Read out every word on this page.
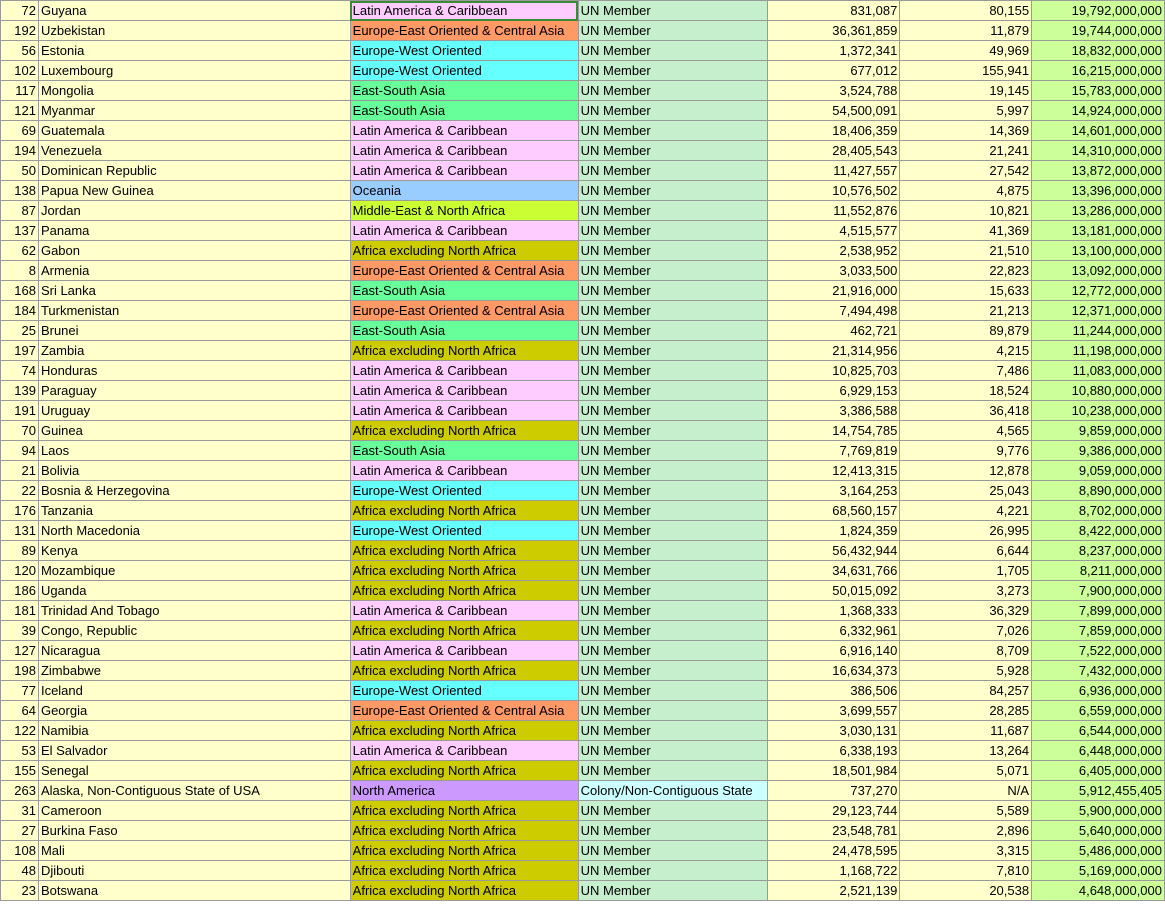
72	Guyana	Latin America & Caribbean	UN Member	831,087	80,155	19,792,000,000
192	Uzbekistan	Europe-East Oriented & Central Asia	UN Member	36,361,859	11,879	19,744,000,000
56	Estonia	Europe-West Oriented	UN Member	1,372,341	49,969	18,832,000,000
102	Luxembourg	Europe-West Oriented	UN Member	677,012	155,941	16,215,000,000
117	Mongolia	East-South Asia	UN Member	3,524,788	19,145	15,783,000,000
121	Myanmar	East-South Asia	UN Member	54,500,091	5,997	14,924,000,000
69	Guatemala	Latin America & Caribbean	UN Member	18,406,359	14,369	14,601,000,000
194	Venezuela	Latin America & Caribbean	UN Member	28,405,543	21,241	14,310,000,000
50	Dominican Republic	Latin America & Caribbean	UN Member	11,427,557	27,542	13,872,000,000
138	Papua New Guinea	Oceania	UN Member	10,576,502	4,875	13,396,000,000
87	Jordan	Middle-East & North Africa	UN Member	11,552,876	10,821	13,286,000,000
137	Panama	Latin America & Caribbean	UN Member	4,515,577	41,369	13,181,000,000
62	Gabon	Africa excluding North Africa	UN Member	2,538,952	21,510	13,100,000,000
8	Armenia	Europe-East Oriented & Central Asia	UN Member	3,033,500	22,823	13,092,000,000
168	Sri Lanka	East-South Asia	UN Member	21,916,000	15,633	12,772,000,000
184	Turkmenistan	Europe-East Oriented & Central Asia	UN Member	7,494,498	21,213	12,371,000,000
25	Brunei	East-South Asia	UN Member	462,721	89,879	11,244,000,000
197	Zambia	Africa excluding North Africa	UN Member	21,314,956	4,215	11,198,000,000
74	Honduras	Latin America & Caribbean	UN Member	10,825,703	7,486	11,083,000,000
139	Paraguay	Latin America & Caribbean	UN Member	6,929,153	18,524	10,880,000,000
191	Uruguay	Latin America & Caribbean	UN Member	3,386,588	36,418	10,238,000,000
70	Guinea	Africa excluding North Africa	UN Member	14,754,785	4,565	9,859,000,000
94	Laos	East-South Asia	UN Member	7,769,819	9,776	9,386,000,000
21	Bolivia	Latin America & Caribbean	UN Member	12,413,315	12,878	9,059,000,000
22	Bosnia & Herzegovina	Europe-West Oriented	UN Member	3,164,253	25,043	8,890,000,000
176	Tanzania	Africa excluding North Africa	UN Member	68,560,157	4,221	8,702,000,000
131	North Macedonia	Europe-West Oriented	UN Member	1,824,359	26,995	8,422,000,000
89	Kenya	Africa excluding North Africa	UN Member	56,432,944	6,644	8,237,000,000
120	Mozambique	Africa excluding North Africa	UN Member	34,631,766	1,705	8,211,000,000
186	Uganda	Africa excluding North Africa	UN Member	50,015,092	3,273	7,900,000,000
181	Trinidad And Tobago	Latin America & Caribbean	UN Member	1,368,333	36,329	7,899,000,000
39	Congo, Republic	Africa excluding North Africa	UN Member	6,332,961	7,026	7,859,000,000
127	Nicaragua	Latin America & Caribbean	UN Member	6,916,140	8,709	7,522,000,000
198	Zimbabwe	Africa excluding North Africa	UN Member	16,634,373	5,928	7,432,000,000
77	Iceland	Europe-West Oriented	UN Member	386,506	84,257	6,936,000,000
64	Georgia	Europe-East Oriented & Central Asia	UN Member	3,699,557	28,285	6,559,000,000
122	Namibia	Africa excluding North Africa	UN Member	3,030,131	11,687	6,544,000,000
53	El Salvador	Latin America & Caribbean	UN Member	6,338,193	13,264	6,448,000,000
155	Senegal	Africa excluding North Africa	UN Member	18,501,984	5,071	6,405,000,000
263	Alaska, Non-Contiguous State of USA	North America	Colony/Non-Contiguous State	737,270	N/A	5,912,455,405
31	Cameroon	Africa excluding North Africa	UN Member	29,123,744	5,589	5,900,000,000
27	Burkina Faso	Africa excluding North Africa	UN Member	23,548,781	2,896	5,640,000,000
108	Mali	Africa excluding North Africa	UN Member	24,478,595	3,315	5,486,000,000
48	Djibouti	Africa excluding North Africa	UN Member	1,168,722	7,810	5,169,000,000
23	Botswana	Africa excluding North Africa	UN Member	2,521,139	20,538	4,648,000,000
